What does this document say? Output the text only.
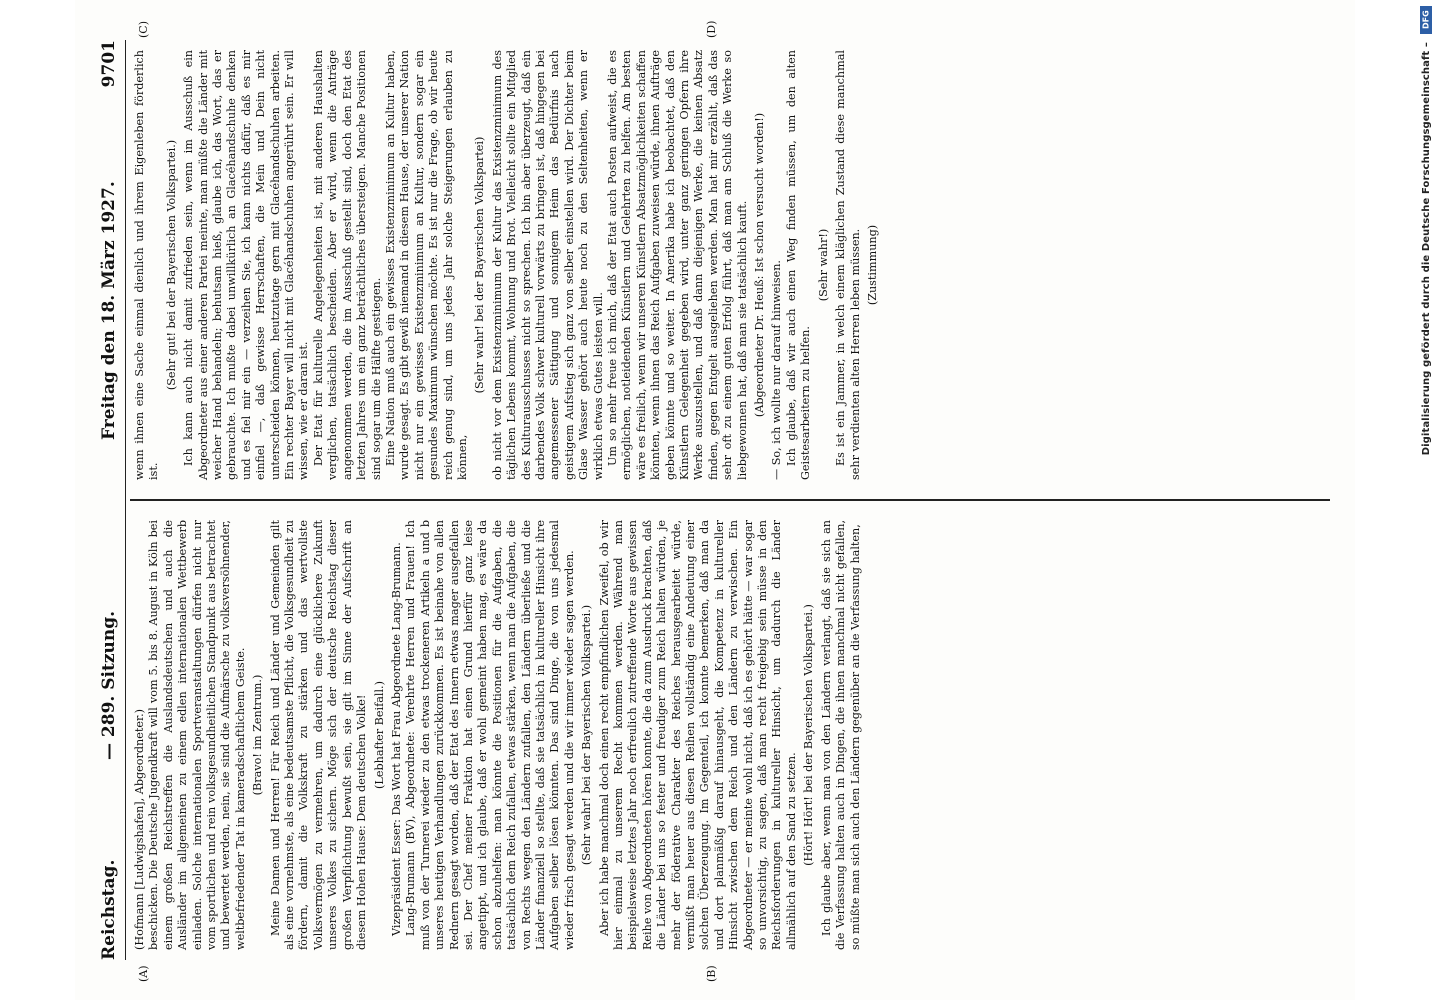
DFG
Digitalisierung gefördert durch die Deutsche Forschungsgemeinschaft –
Reichstag.
— 289. Sitzung.
Freitag den 18. März 1927.
9701
(A)	(B)
(C)	(D)

(Hofmann [Ludwigshafen], Abgeordneter.) beschicken. Die Deutsche Jugendkraft will vom 5. bis 8. August in Köln bei einem großen Reichstreffen die Auslandsdeutschen und auch die Ausländer im allgemeinen zu einem edlen internationalen Wettbewerb einladen. Solche internationalen Sportveranstaltungen dürfen nicht nur vom sportlichen und rein volksgesundheitlichen Standpunkt aus betrachtet und bewertet werden, nein, sie sind die Aufmärsche zu volksversöhnender, weltbefriedender Tat in kameradschaftlichem Geiste. (Bravo! im Zentrum.) Meine Damen und Herren! Für Reich und Länder und Gemeinden gilt als eine vornehmste, als eine bedeutsamste Pflicht, die Volksgesundheit zu fördern, damit die Volkskraft zu stärken und das wertvollste Volksvermögen zu vermehren, um dadurch eine glücklichere Zukunft unseres Volkes zu sichern. Möge sich der deutsche Reichstag dieser großen Verpflichtung bewußt sein, sie gilt im Sinne der Aufschrift an diesem Hohen Hause: Dem deutschen Volke! (Lebhafter Beifall.) Vizepräsident Esser: Das Wort hat Frau Abgeordnete Lang-Brumann. Lang-Brumann (BV), Abgeordnete: Verehrte Herren und Frauen! Ich muß von der Turnerei wieder zu den etwas trockeneren Artikeln a und b unseres heutigen Verhandlungen zurückkommen. Es ist beinahe von allen Rednern gesagt worden, daß der Etat des Innern etwas mager ausgefallen sei. Der Chef meiner Fraktion hat einen Grund hierfür ganz leise angetippt, und ich glaube, daß er wohl gemeint haben mag, es wäre da schon abzuhelfen: man könnte die Positionen für die Aufgaben, die tatsächlich dem Reich zufallen, etwas stärken, wenn man die Aufgaben, die von Rechts wegen den Ländern zufallen, den Ländern überließe und die Länder finanziell so stellte, daß sie tatsächlich in kultureller Hinsicht ihre Aufgaben selber lösen könnten. Das sind Dinge, die von uns jedesmal wieder frisch gesagt werden und die wir immer wieder sagen werden. (Sehr wahr! bei der Bayerischen Volkspartei.) Aber ich habe manchmal doch einen recht empfindlichen Zweifel, ob wir hier einmal zu unserem Recht kommen werden. Während man beispielsweise letztes Jahr noch erfreulich zutreffende Worte aus gewissen Reihe von Abgeordneten hören konnte, die da zum Ausdruck brachten, daß die Länder bei uns so fester und freudiger zum Reich halten würden, je mehr der föderative Charakter des Reiches herausgearbeitet würde, vermißt man heuer aus diesen Reihen vollständig eine Andeutung einer solchen Überzeugung. Im Gegenteil, ich konnte bemerken, daß man da und dort planmäßig darauf hinausgeht, die Kompetenz in kultureller Hinsicht zwischen dem Reich und den Ländern zu verwischen. Ein Abgeordneter — er meinte wohl nicht, daß ich es gehört hätte — war sogar so unvorsichtig, zu sagen, daß man recht freigebig sein müsse in den Reichsforderungen in kultureller Hinsicht, um dadurch die Länder allmählich auf den Sand zu setzen. (Hört! Hört! bei der Bayerischen Volkspartei.) Ich glaube aber, wenn man von den Ländern verlangt, daß sie sich an die Verfassung halten auch in Dingen, die ihnen manchmal nicht gefallen, so müßte man sich auch den Ländern gegenüber an die Verfassung halten,

wenn ihnen eine Sache einmal dienlich und ihrem Eigenleben förderlich ist.

(Sehr gut! bei der Bayerischen Volkspartei.) Ich kann auch nicht damit zufrieden sein, wenn im Ausschuß ein Abgeordneter aus einer anderen Partei meinte, man müßte die Länder mit weicher Hand behandeln; behutsam hieß, glaube ich, das Wort, das er gebrauchte. Ich mußte dabei unwillkürlich an Glacéhandschuhe denken und es fiel mir ein — verzeihen Sie, ich kann nichts dafür, daß es mir einfiel —, daß gewisse Herrschaften, die Mein und Dein nicht unterscheiden können, heutzutage gern mit Glacéhandschuhen arbeiten. Ein rechter Bayer will nicht mit Glacéhandschuhen angerührt sein. Er will wissen, wie er daran ist. Der Etat für kulturelle Angelegenheiten ist, mit anderen Haushalten verglichen, tatsächlich bescheiden. Aber er wird, wenn die Anträge angenommen werden, die im Ausschuß gestellt sind, doch den Etat des letzten Jahres um ein ganz beträchtliches übersteigen. Manche Positionen sind sogar um die Hälfte gestiegen. Eine Nation muß auch ein gewisses Existenzminimum an Kultur haben, wurde gesagt. Es gibt gewiß niemand in diesem Hause, der unserer Nation nicht nur ein gewisses Existenzminimum an Kultur, sondern sogar ein gesundes Maximum wünschen möchte. Es ist nur die Frage, ob wir heute reich genug sind, um uns jedes Jahr solche Steigerungen erlauben zu können,

(Sehr wahr! bei der Bayerischen Volkspartei) ob nicht vor dem Existenzminimum der Kultur das Existenzminimum des täglichen Lebens kommt, Wohnung und Brot. Vielleicht sollte ein Mitglied des Kulturausschusses nicht so sprechen. Ich bin aber überzeugt, daß ein darbendes Volk schwer kulturell vorwärts zu bringen ist, daß hingegen bei angemessener Sättigung und sonnigem Heim das Bedürfnis nach geistigem Aufstieg sich ganz von selber einstellen wird. Der Dichter beim Glase Wasser gehört auch heute noch zu den Seltenheiten, wenn er wirklich etwas Gutes leisten will. Um so mehr freue ich mich, daß der Etat auch Posten aufweist, die es ermöglichen, notleidenden Künstlern und Gelehrten zu helfen. Am besten wäre es freilich, wenn wir unseren Künstlern Absatzmöglichkeiten schaffen könnten, wenn ihnen das Reich Aufgaben zuweisen würde, ihnen Aufträge geben könnte und so weiter. In Amerika habe ich beobachtet, daß den Künstlern Gelegenheit gegeben wird, unter ganz geringen Opfern ihre Werke auszustellen, und daß dann diejenigen Werke, die keinen Absatz finden, gegen Entgelt ausgeliehen werden. Man hat mir erzählt, daß das sehr oft zu einem guten Erfolg führt, daß man am Schluß die Werke so liebgewonnen hat, daß man sie tatsächlich kauft. (Abgeordneter Dr. Heuß: Ist schon versucht worden!) — So, ich wollte nur darauf hinweisen. Ich glaube, daß wir auch einen Weg finden müssen, um den alten Geistesarbeitern zu helfen.

(Sehr wahr!) Es ist ein Jammer, in welch einem kläglichen Zustand diese manchmal sehr verdienten alten Herren leben müssen. (Zustimmung)
